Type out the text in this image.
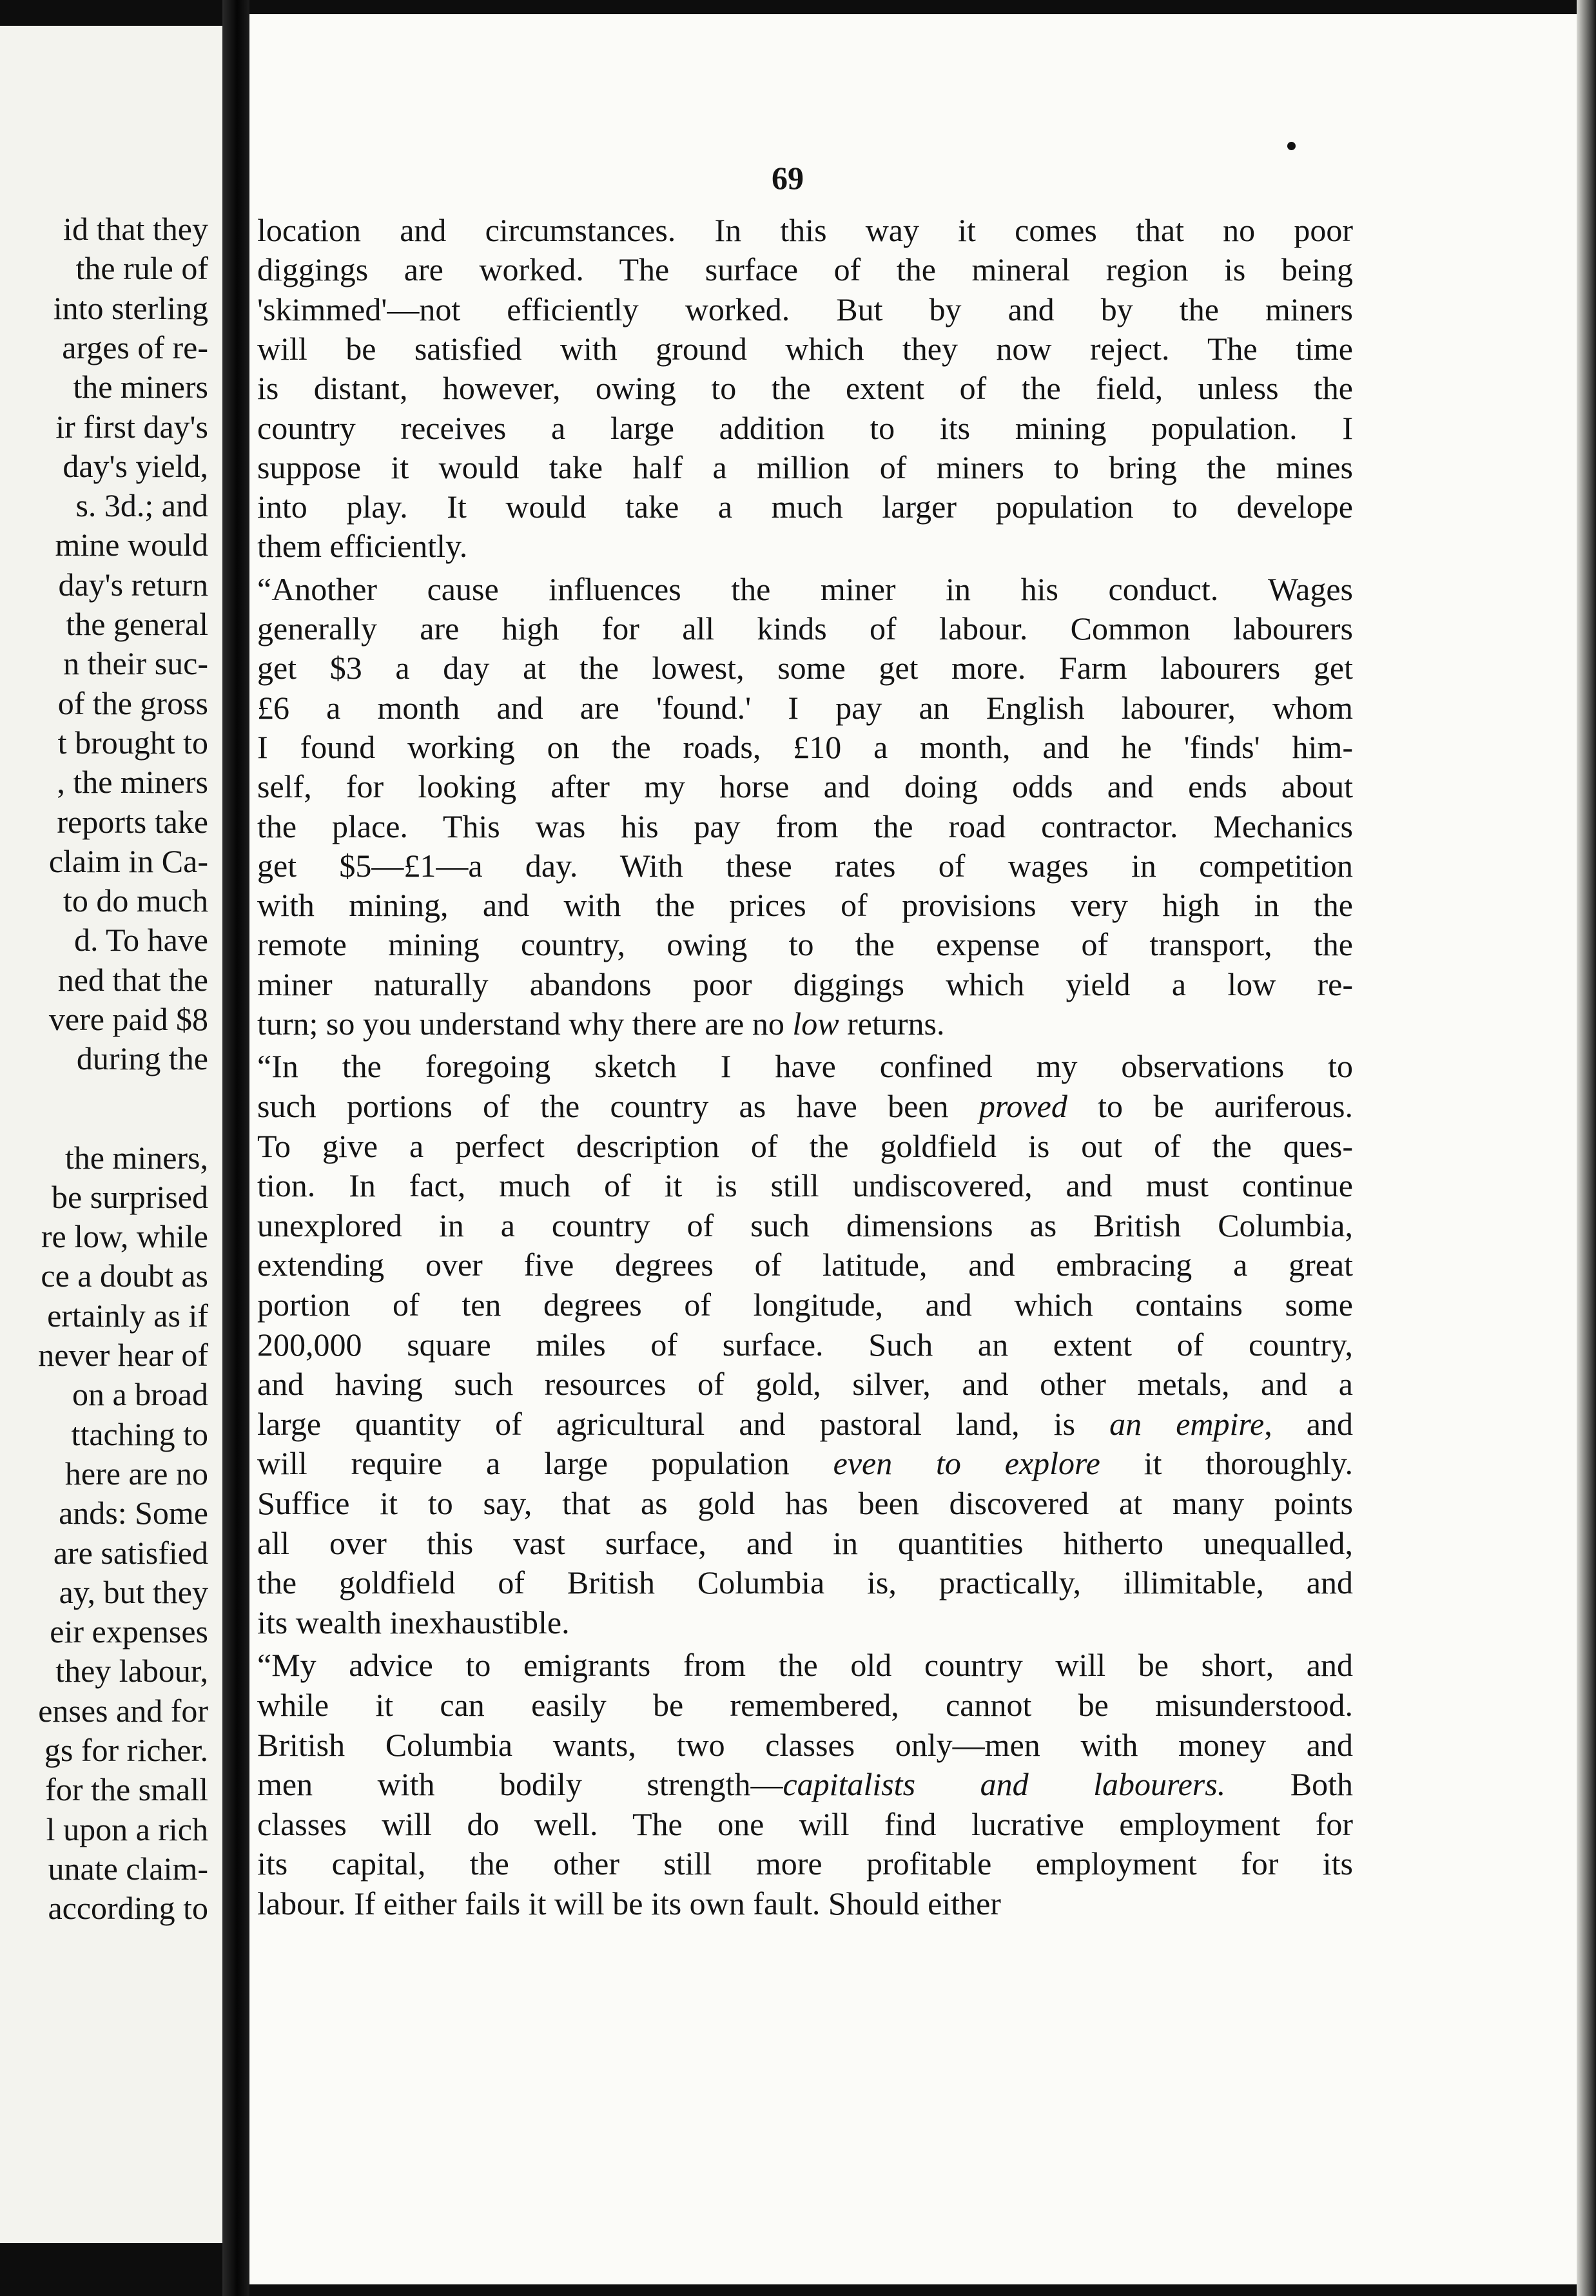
id that they
the rule of
into sterling
arges of re-
the miners
ir first day's
day's yield,
s. 3d.; and
mine would
day's return
the general
n their suc-
of the gross
t brought to
, the miners
reports take
claim in Ca-
to do much
d. To have
ned that the
vere paid $8
during the
the miners,
be surprised
re low, while
ce a doubt as
ertainly as if
never hear of
on a broad
ttaching to
here are no
ands: Some
are satisfied
ay, but they
eir expenses
they labour,
enses and for
gs for richer.
for the small
l upon a rich
unate claim-
according to
69
location and circumstances. In this way it comes that no poor
diggings are worked. The surface of the mineral region is being
'skimmed'—not efficiently worked. But by and by the miners
will be satisfied with ground which they now reject. The time
is distant, however, owing to the extent of the field, unless the
country receives a large addition to its mining population. I
suppose it would take half a million of miners to bring the mines
into play. It would take a much larger population to develope
them efficiently.
“Another cause influences the miner in his conduct. Wages
generally are high for all kinds of labour. Common labourers
get $3 a day at the lowest, some get more. Farm labourers get
£6 a month and are 'found.' I pay an English labourer, whom
I found working on the roads, £10 a month, and he 'finds' him-
self, for looking after my horse and doing odds and ends about
the place. This was his pay from the road contractor. Mechanics
get $5—£1—a day. With these rates of wages in competition
with mining, and with the prices of provisions very high in the
remote mining country, owing to the expense of transport, the
miner naturally abandons poor diggings which yield a low re-
turn; so you understand why there are no low returns.
“In the foregoing sketch I have confined my observations to
such portions of the country as have been proved to be auriferous.
To give a perfect description of the goldfield is out of the ques-
tion. In fact, much of it is still undiscovered, and must continue
unexplored in a country of such dimensions as British Columbia,
extending over five degrees of latitude, and embracing a great
portion of ten degrees of longitude, and which contains some
200,000 square miles of surface. Such an extent of country,
and having such resources of gold, silver, and other metals, and a
large quantity of agricultural and pastoral land, is an empire, and
will require a large population even to explore it thoroughly.
Suffice it to say, that as gold has been discovered at many points
all over this vast surface, and in quantities hitherto unequalled,
the goldfield of British Columbia is, practically, illimitable, and
its wealth inexhaustible.
“My advice to emigrants from the old country will be short, and
while it can easily be remembered, cannot be misunderstood.
British Columbia wants, two classes only—men with money and
men with bodily strength—capitalists and labourers. Both
classes will do well. The one will find lucrative employment for
its capital, the other still more profitable employment for its
labour. If either fails it will be its own fault. Should either
